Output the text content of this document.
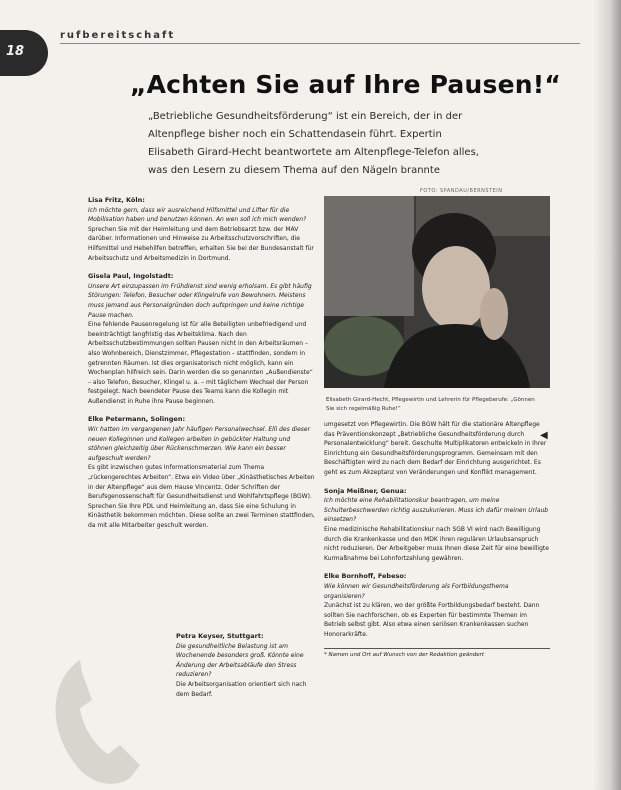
18
rufbereitschaft
„Achten Sie auf Ihre Pausen!“
„Betriebliche Gesundheitsförderung“ ist ein Bereich, der in der Altenpflege bisher noch ein Schattendasein führt. Expertin Elisabeth Girard-Hecht beantwortete am Altenpflege-Telefon alles, was den Lesern zu diesem Thema auf den Nägeln brannte
FOTO: SPANDAU/BERNSTEIN

Lisa Fritz, Köln:

Ich möchte gern, dass wir ausreichend Hilfsmittel und Lifter für die Mobilisation haben und benutzen können. An wen soll ich mich wenden?

Sprechen Sie mit der Heimleitung und dem Betriebsarzt bzw. der MAV darüber. Informationen und Hinweise zu Arbeitsschutzvorschriften, die Hilfsmittel und Hebehilfen betreffen, erhalten Sie bei der Bundesanstalt für Arbeitsschutz und Arbeitsmedizin in Dortmund.

Gisela Paul, Ingolstadt:

Unsere Art einzupassen im Frühdienst sind wenig erholsam. Es gibt häufig Störungen: Telefon, Besucher oder Klingelrufe von Bewohnern. Meistens muss jemand aus Personalgründen doch aufspringen und keine richtige Pause machen.

Eine fehlende Pausenregelung ist für alle Beteiligten unbefriedigend und beeinträchtigt langfristig das Arbeitsklima. Nach den Arbeitsschutzbestimmungen sollten Pausen nicht in den Arbeitsräumen – also Wohnbereich, Dienstzimmer, Pflegestation – stattfinden, sondern in getrennten Räumen. Ist dies organisatorisch nicht möglich, kann ein Wochenplan hilfreich sein. Darin werden die so genannten „Außendienste“ – also Telefon, Besucher, Klingel u. a. – mit täglichem Wechsel der Person festgelegt. Nach beendeter Pause des Teams kann die Kollegin mit Außendienst in Ruhe ihre Pause beginnen.

Elke Petermann, Solingen:

Wir hatten im vergangenen Jahr häufigen Personalwechsel. Elli des dieser neuen Kolleginnen und Kollegen arbeiten in gebückter Haltung und stöhnen gleichzeitig über Rückenschmerzen. Wie kann ein besser aufgeschult werden?

Es gibt inzwischen gutes Informationsmaterial zum Thema „rückengerechtes Arbeiten“. Etwa ein Video über „Kinästhetisches Arbeiten in der Altenpflege“ aus dem Hause Vincentz. Oder Schriften der Berufsgenossenschaft für Gesundheitsdienst und Wohlfahrtspflege (BGW). Sprechen Sie Ihre PDL und Heimleitung an, dass Sie eine Schulung in Kinästhetik bekommen möchten. Diese sollte an zwei Terminen stattfinden, da mit alle Mitarbeiter geschult werden.

Petra Keyser, Stuttgart:

Die gesundheitliche Belastung ist am Wochenende besonders groß. Könnte eine Änderung der Arbeitsabläufe den Stress reduzieren?

Die Arbeitsorganisation orientiert sich nach dem Bedarf.

Elisabeth Girard-Hecht, Pflegewirtin und Lehrerin für Pflegeberufe: „Gönnen Sie sich regelmäßig Ruhe!“
◀

umgesetzt von Pflegewirtin. Die BGW hält für die stationäre Altenpflege das Präventionskonzept „Betriebliche Gesundheitsförderung durch Personalentwicklung“ bereit. Geschulte Multiplikatoren entwickeln in Ihrer Einrichtung ein Gesundheitsförderungsprogramm. Gemeinsam mit den Beschäftigten wird zu nach dem Bedarf der Einrichtung ausgerichtet. Es geht es zum Akzeptanz von Veränderungen und Konflikt management.

Sonja Meißner, Genua:

Ich möchte eine Rehabilitationskur beantragen, um meine Schulterbeschwerden richtig auszukurieren. Muss ich dafür meinen Urlaub einsetzen?

Eine medizinische Rehabilitationskur nach SGB VI wird nach Bewilligung durch die Krankenkasse und den MDK ihren regulären Urlaubsanspruch nicht reduzieren. Der Arbeitgeber muss Ihnen diese Zeit für eine bewilligte Kurmaßnahme bei Lohnfortzahlung gewähren.

Elke Bornhoff, Febeso:

Wie können wir Gesundheitsförderung als Fortbildungsthema organisieren?

Zunächst ist zu klären, wo der größte Fortbildungsbedarf besteht. Dann sollten Sie nachforschen, ob es Experten für bestimmte Themen im Betrieb selbst gibt. Also etwa einen seriösen Krankenkassen suchen Honorarkräfte.

* Namen und Ort auf Wunsch von der Redaktion geändert
